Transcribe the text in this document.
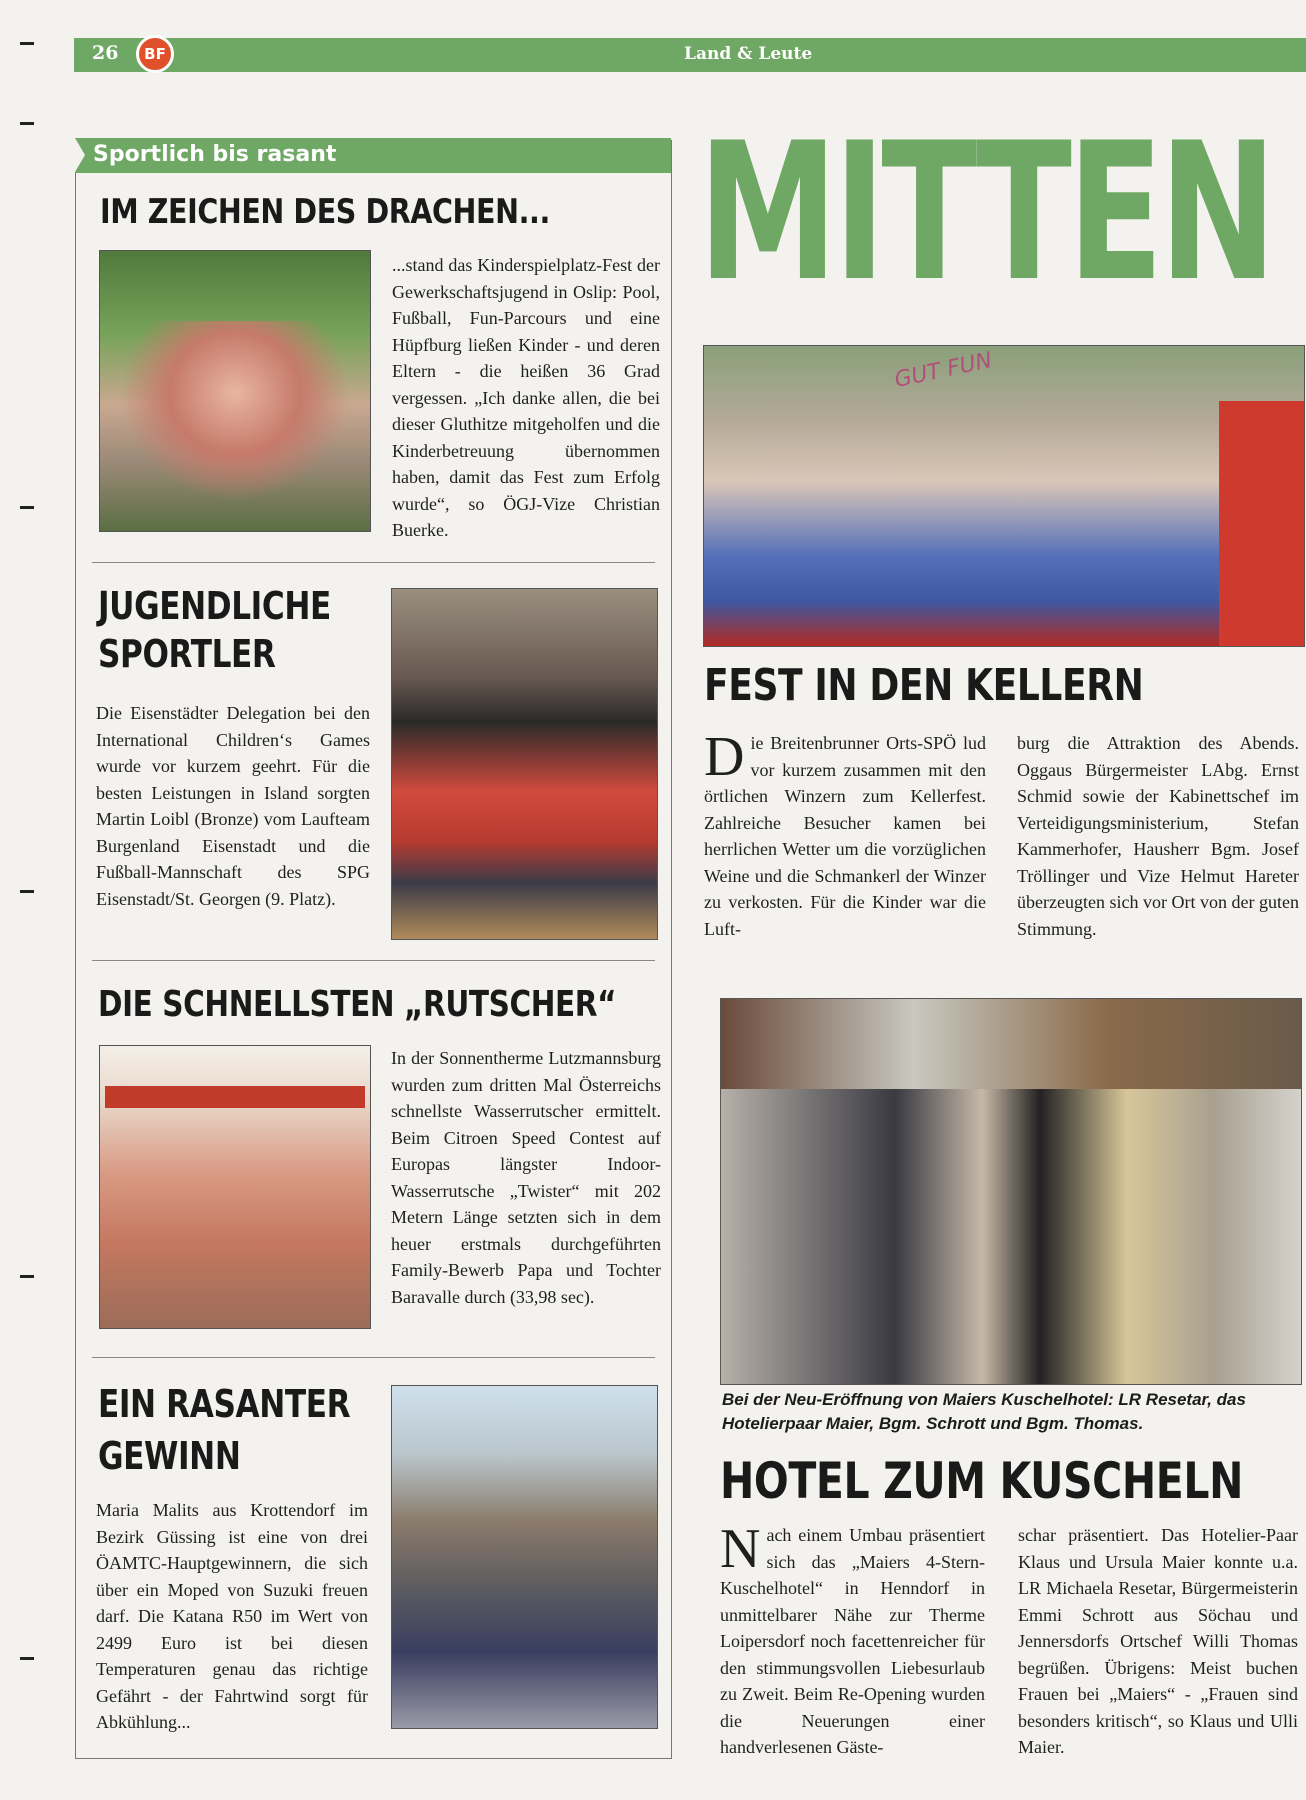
26	BF	Land & Leute
Sportlich bis rasant
IM ZEICHEN DES DRACHEN...
...stand das Kinderspielplatz-Fest der Gewerkschaftsjugend in Oslip: Pool, Fußball, Fun-Parcours und eine Hüpfburg ließen Kinder - und deren Eltern - die heißen 36 Grad vergessen. „Ich danke allen, die bei dieser Gluthitze mitgeholfen und die Kinderbetreuung übernommen haben, damit das Fest zum Erfolg wurde“, so ÖGJ-Vize Christian Buerke.
JUGENDLICHE
SPORTLER
Die Eisenstädter Delegation bei den International Children‘s Games wurde vor kurzem geehrt. Für die besten Leistungen in Island sorgten Martin Loibl (Bronze) vom Laufteam Burgenland Eisenstadt und die Fußball-Mannschaft des SPG Eisenstadt/St. Georgen (9. Platz).
DIE SCHNELLSTEN „RUTSCHER“
In der Sonnentherme Lutzmannsburg wurden zum dritten Mal Österreichs schnellste Wasserrutscher ermittelt. Beim Citroen Speed Contest auf Europas längster Indoor-Wasserrutsche „Twister“ mit 202 Metern Länge setzten sich in dem heuer erstmals durchgeführten Family-Bewerb Papa und Tochter Baravalle durch (33,98 sec).
EIN RASANTER
GEWINN
Maria Malits aus Krottendorf im Bezirk Güssing ist eine von drei ÖAMTC-Hauptgewinnern, die sich über ein Moped von Suzuki freuen darf. Die Katana R50 im Wert von 2499 Euro ist bei diesen Temperaturen genau das richtige Gefährt - der Fahrtwind sorgt für Abkühlung...
MITTEN
GUT FUN
FEST IN DEN KELLERN
Die Breitenbrunner Orts-SPÖ lud vor kurzem zusammen mit den örtlichen Winzern zum Kellerfest. Zahlreiche Besucher kamen bei herrlichen Wetter um die vorzüglichen Weine und die Schmankerl der Winzer zu verkosten. Für die Kinder war die Luft-
burg die Attraktion des Abends. Oggaus Bürgermeister LAbg. Ernst Schmid sowie der Kabinettschef im Verteidigungsministerium, Stefan Kammerhofer, Hausherr Bgm. Josef Tröllinger und Vize Helmut Hareter überzeugten sich vor Ort von der guten Stimmung.
Bei der Neu-Eröffnung von Maiers Kuschelhotel: LR Resetar, das Hotelierpaar Maier, Bgm. Schrott und Bgm. Thomas.
HOTEL ZUM KUSCHELN
Nach einem Umbau präsentiert sich das „Maiers 4-Stern-Kuschelhotel“ in Henndorf in unmittelbarer Nähe zur Therme Loipersdorf noch facettenreicher für den stimmungsvollen Liebesurlaub zu Zweit. Beim Re-Opening wurden die Neuerungen einer handverlesenen Gäste-
schar präsentiert. Das Hotelier-Paar Klaus und Ursula Maier konnte u.a. LR Michaela Resetar, Bürgermeisterin Emmi Schrott aus Söchau und Jennersdorfs Ortschef Willi Thomas begrüßen. Übrigens: Meist buchen Frauen bei „Maiers“ - „Frauen sind besonders kritisch“, so Klaus und Ulli Maier.
